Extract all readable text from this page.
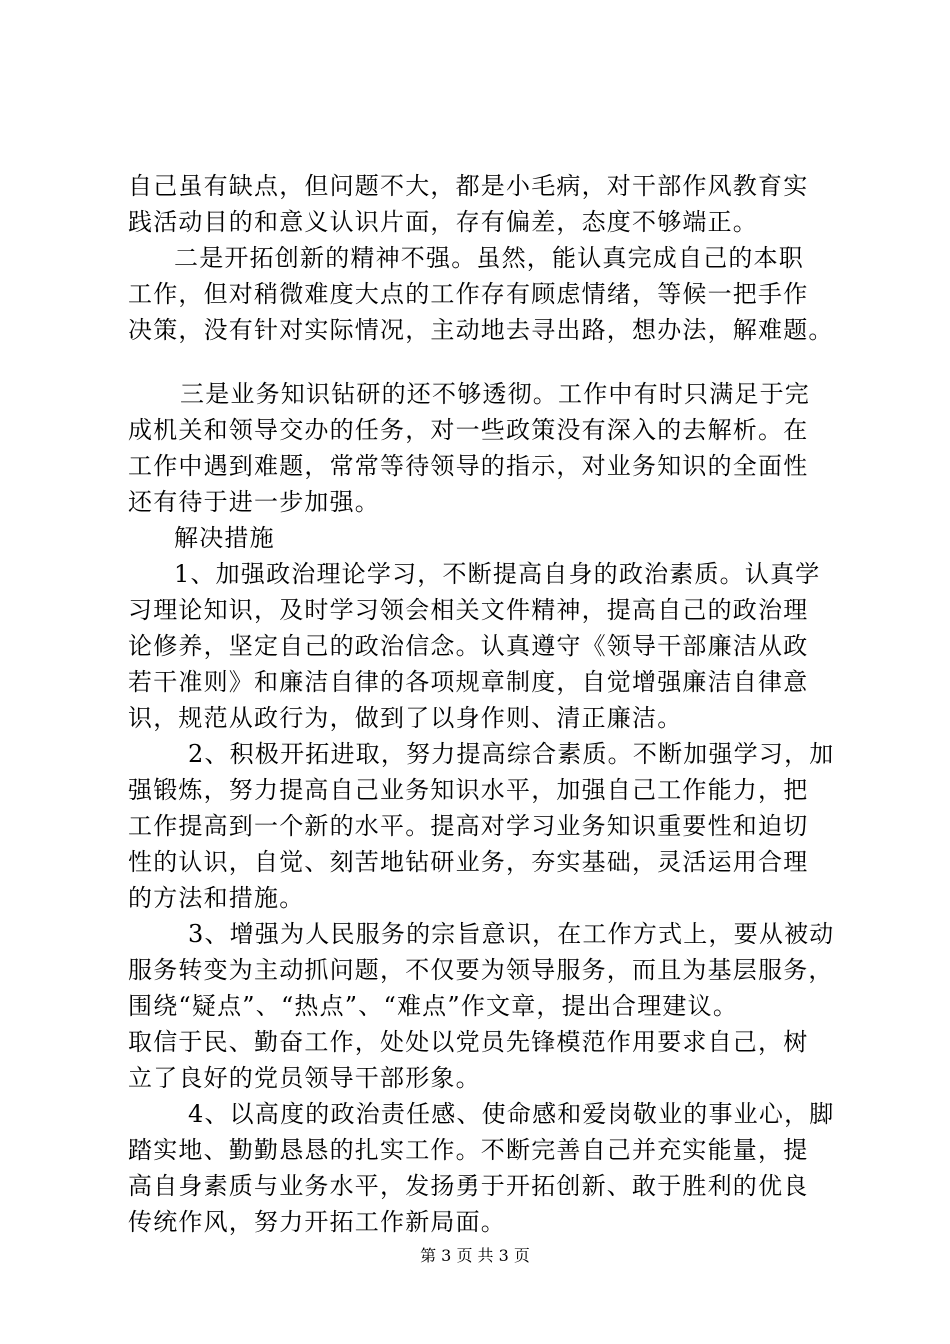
自己虽有缺点，但问题不大，都是小毛病，对干部作风教育实
践活动目的和意义认识片面，存有偏差，态度不够端正。
二是开拓创新的精神不强。虽然，能认真完成自己的本职
工作，但对稍微难度大点的工作存有顾虑情绪，等候一把手作
决策，没有针对实际情况，主动地去寻出路，想办法，解难题。
三是业务知识钻研的还不够透彻。工作中有时只满足于完
成机关和领导交办的任务，对一些政策没有深入的去解析。在
工作中遇到难题，常常等待领导的指示，对业务知识的全面性
还有待于进一步加强。
解决措施
1、加强政治理论学习，不断提高自身的政治素质。认真学
习理论知识，及时学习领会相关文件精神，提高自己的政治理
论修养，坚定自己的政治信念。认真遵守《领导干部廉洁从政
若干准则》和廉洁自律的各项规章制度，自觉增强廉洁自律意
识，规范从政行为，做到了以身作则、清正廉洁。
2、积极开拓进取，努力提高综合素质。不断加强学习，加
强锻炼，努力提高自己业务知识水平，加强自己工作能力，把
工作提高到一个新的水平。提高对学习业务知识重要性和迫切
性的认识，自觉、刻苦地钻研业务，夯实基础，灵活运用合理
的方法和措施。
3、增强为人民服务的宗旨意识，在工作方式上，要从被动
服务转变为主动抓问题，不仅要为领导服务，而且为基层服务，
围绕“疑点”、“热点”、“难点”作文章，提出合理建议。
取信于民、勤奋工作，处处以党员先锋模范作用要求自己，树
立了良好的党员领导干部形象。
4、以高度的政治责任感、使命感和爱岗敬业的事业心，脚
踏实地、勤勤恳恳的扎实工作。不断完善自己并充实能量，提
高自身素质与业务水平，发扬勇于开拓创新、敢于胜利的优良
传统作风，努力开拓工作新局面。
第 3 页 共 3 页
